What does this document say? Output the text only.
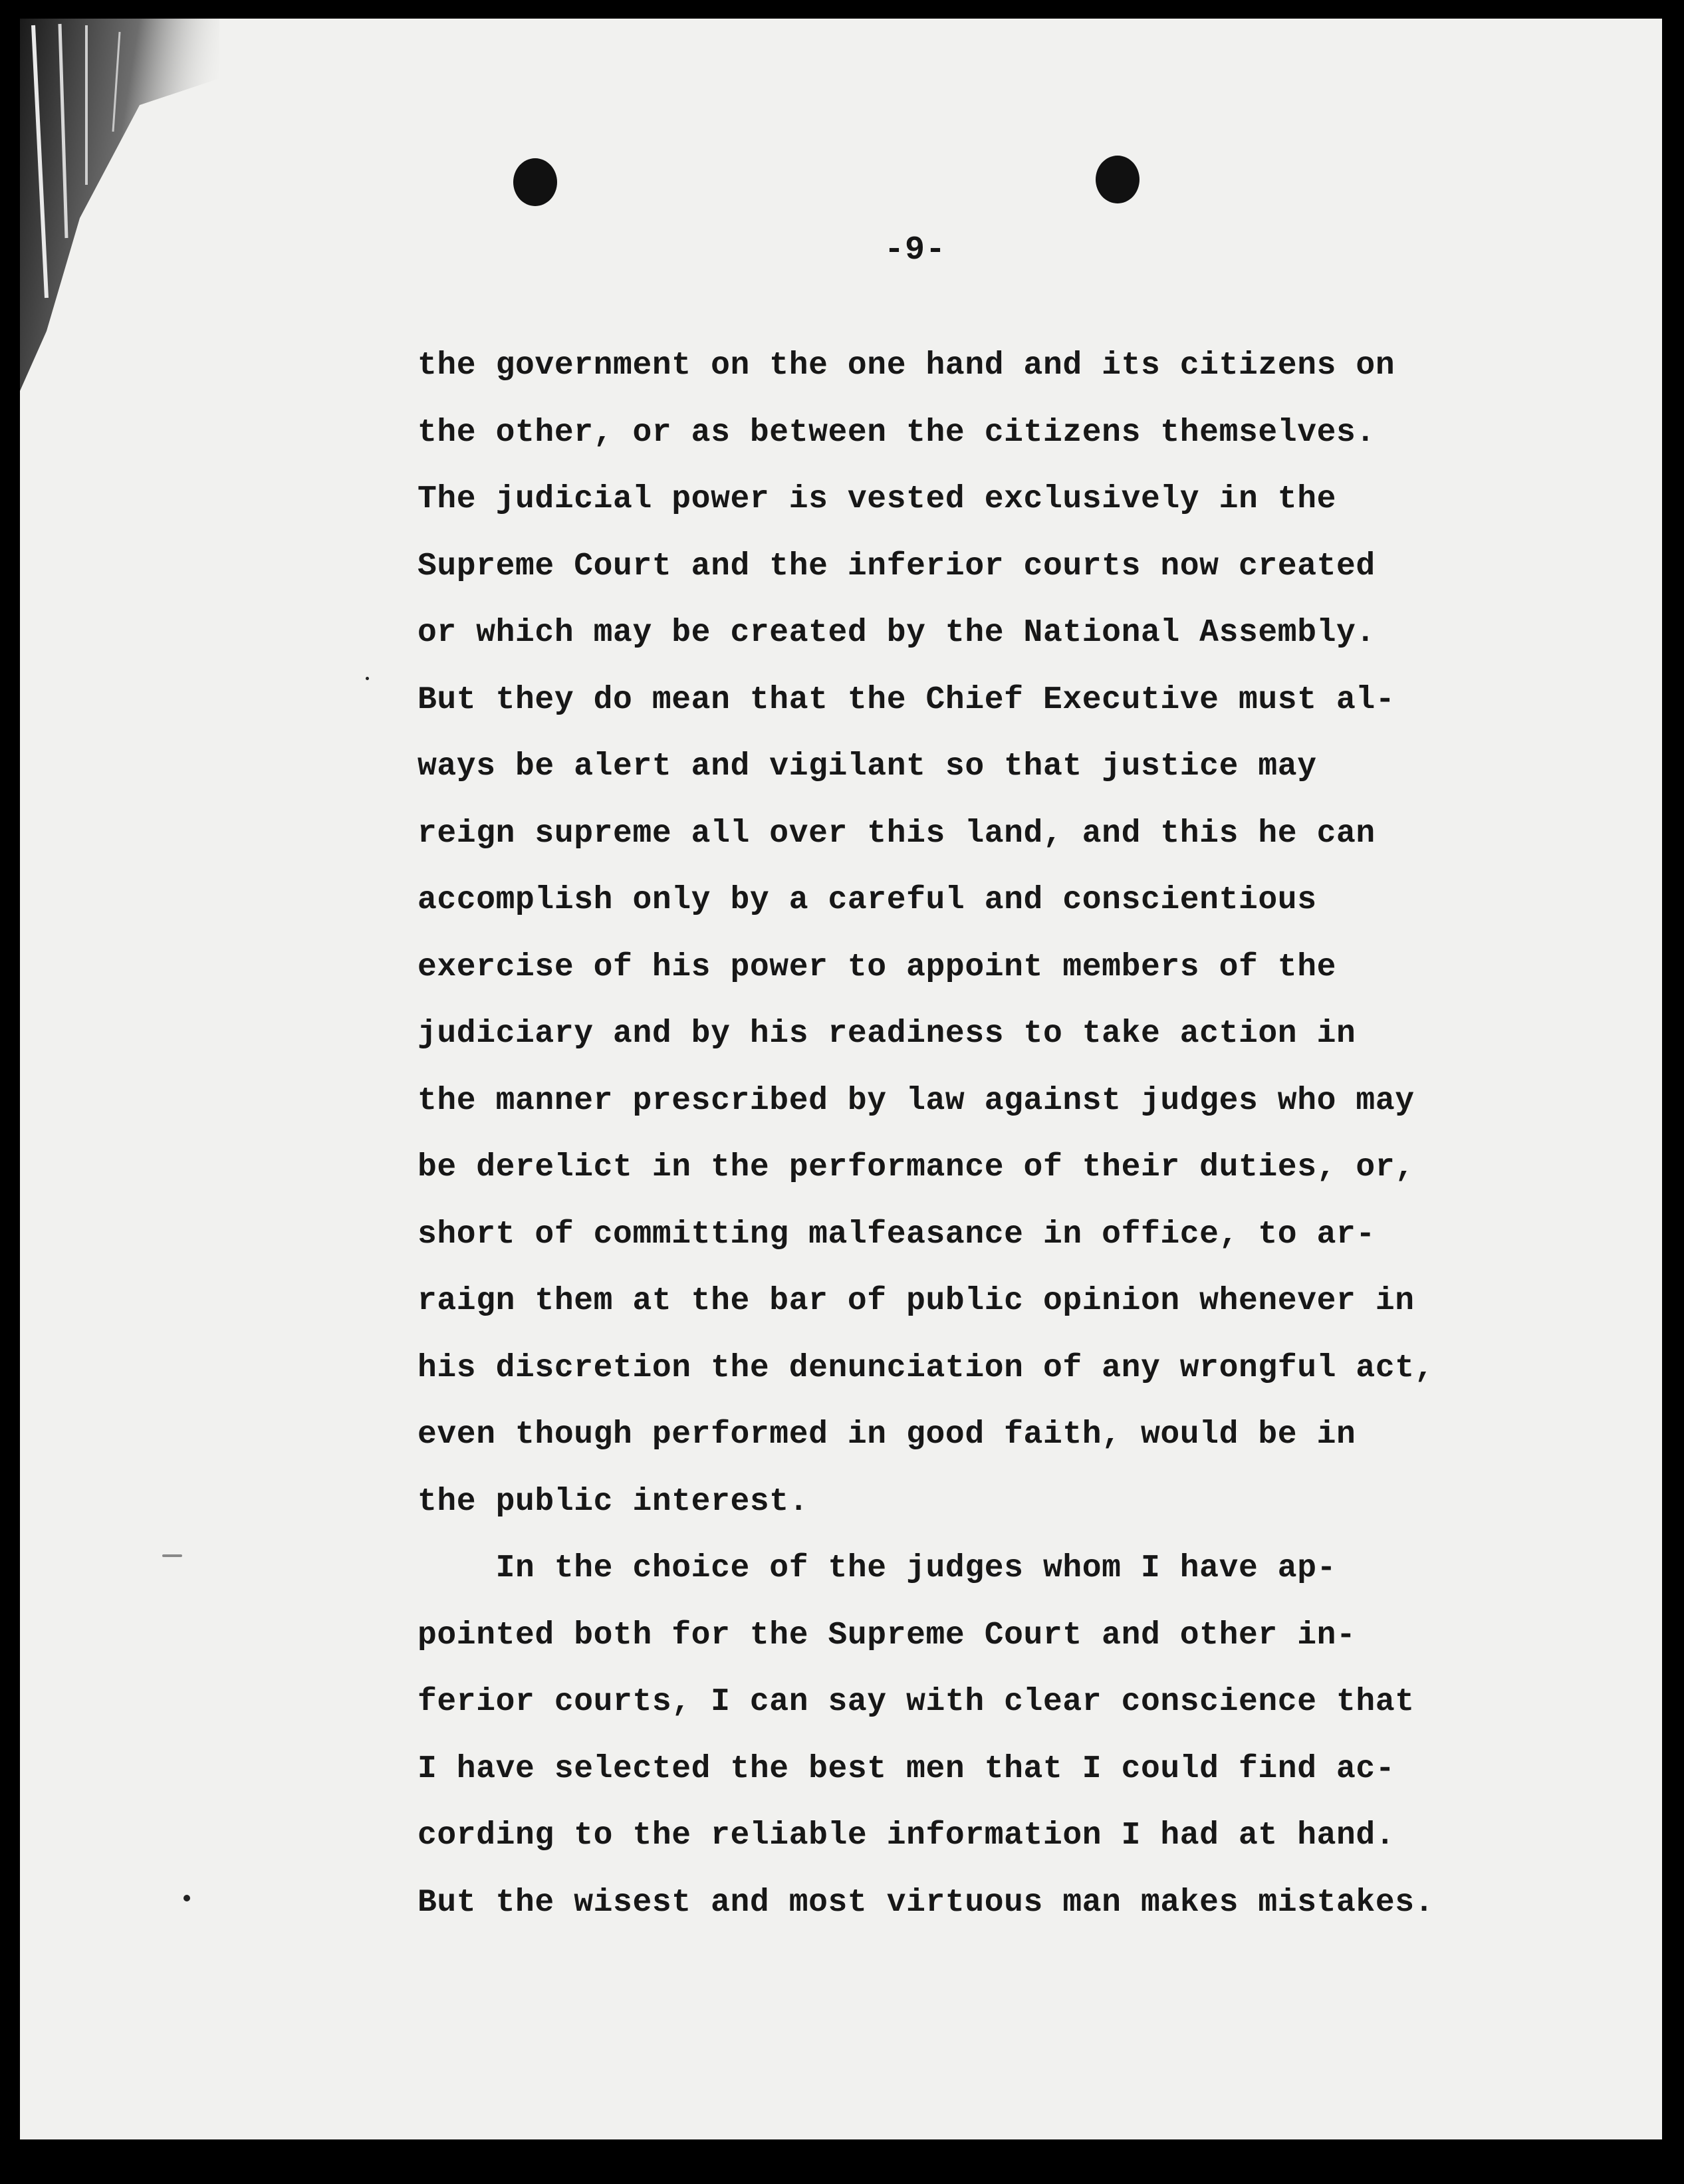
-9-
the government on the one hand and its citizens on
the other, or as between the citizens themselves.
The judicial power is vested exclusively in the
Supreme Court and the inferior courts now created
or which may be created by the National Assembly.
But they do mean that the Chief Executive must al-
ways be alert and vigilant so that justice may
reign supreme all over this land, and this he can
accomplish only by a careful and conscientious
exercise of his power to appoint members of the
judiciary and by his readiness to take action in
the manner prescribed by law against judges who may
be derelict in the performance of their duties, or,
short of committing malfeasance in office, to ar-
raign them at the bar of public opinion whenever in
his discretion the denunciation of any wrongful act,
even though performed in good faith, would be in
the public interest.
In the choice of the judges whom I have ap-
pointed both for the Supreme Court and other in-
ferior courts, I can say with clear conscience that
I have selected the best men that I could find ac-
cording to the reliable information I had at hand.
But the wisest and most virtuous man makes mistakes.
